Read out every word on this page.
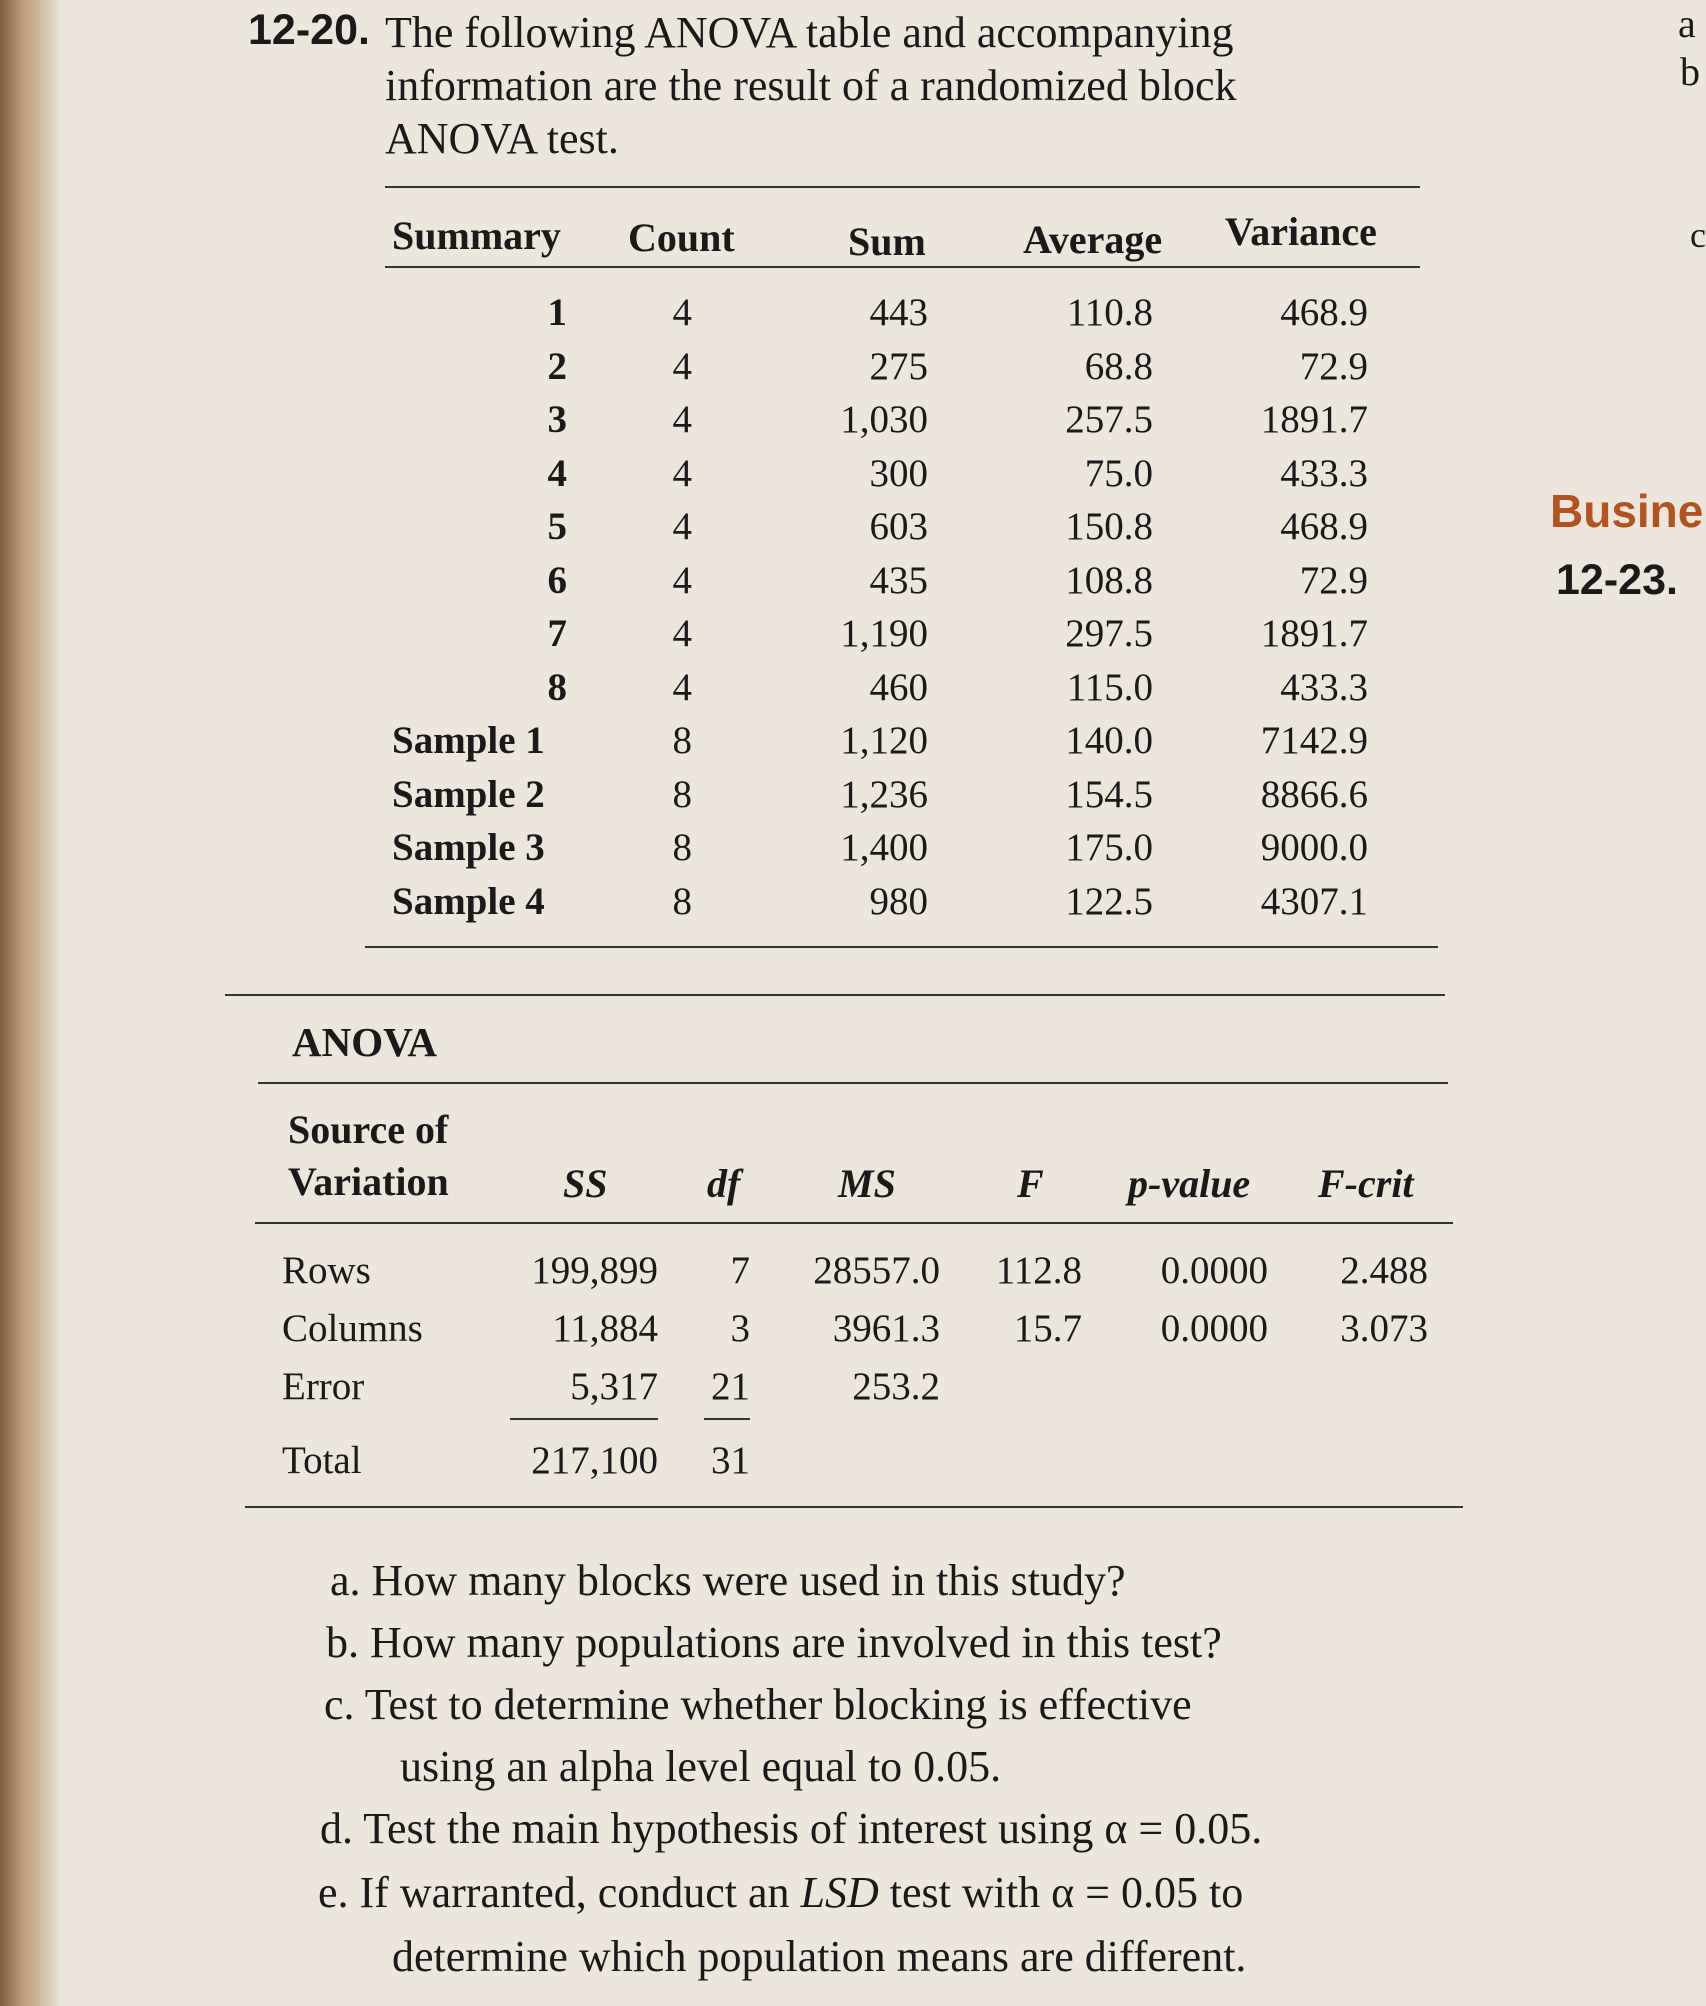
12-20. The following ANOVA table and accompanying information are the result of a randomized block ANOVA test.
Summary Count	Sum Average Variance
1	4	443	110.8	468.9
2	4	275	68.8	72.9
3	4	1,030	257.5	1891.7
4	4	300	75.0	433.3
5	4	603	150.8	468.9
6	4	435	108.8	72.9
7	4	1,190	297.5	1891.7
8	4	460	115.0	433.3
Sample 1	8	1,120	140.0	7142.9
Sample 2	8	1,236	154.5	8866.6
Sample 3	8	1,400	175.0	9000.0
Sample 4	8	980	122.5	4307.1
ANOVA
Source of
Variation	SS df MS	F p-value F-crit
Rows	199,899 7 28557.0 112.8 0.0000 2.488
Columns	11,884 3 3961.3 15.7 0.0000 3.073
Error	5,317 21	253.2
Total	217,100 31
a. How many blocks were used in this study?
b. How many populations are involved in this test?
c. Test to determine whether blocking is effective
using an alpha level equal to 0.05.
d. Test the main hypothesis of interest using α = 0.05.
e. If warranted, conduct an LSD test with α = 0.05 to
determine which population means are different.
a
b
c
Busine
12-23.
